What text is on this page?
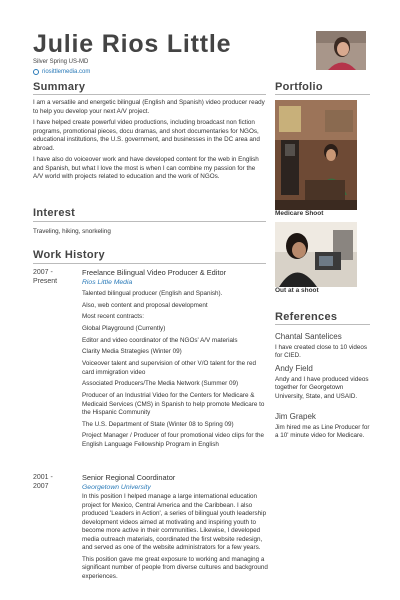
Julie Rios Little
Silver Spring US-MD
riosittlemedia.com
Summary

I am a versatile and energetic bilingual (English and Spanish) video producer ready to help you develop your next A/V project.

I have helped create powerful video productions, including broadcast non fiction programs, promotional pieces, docu dramas, and short documentaries for NGOs, educational institutions, the U.S. government, and businesses in the DC area and abroad.

I have also do voiceover work and have developed content for the web in English and Spanish, but what I love the most is when I can combine my passion for the A/V world with projects related to education and the work of NGOs.

Interest
Traveling, hiking, snorkeling
Work History
2007 -
Present
Freelance Bilingual Video Producer & Editor
Rios Little Media

Talented bilingual producer (English and Spanish).

Also, web content and proposal development

Most recent contracts:

Global Playground (Currently)

Editor and video coordinator of the NGOs' A/V materials

Clarity Media Strategies (Winter 09)

Voiceover talent and supervision of other V/O talent for the red card immigration video

Associated Producers/The Media Network (Summer 09)

Producer of an Industrial Video for the Centers for Medicare & Medicaid Services (CMS) in Spanish to help promote Medicare to the Hispanic Community

The U.S. Department of State (Winter 08 to Spring 09)

Project Manager / Producer of four promotional video clips for the English Language Fellowship Program in English

2001 -
2007
Senior Regional Coordinator
Georgetown University

In this position I helped manage a large international education project for Mexico, Central America and the Caribbean. I also produced 'Leaders in Action', a series of bilingual youth leadership development videos aimed at motivating and inspiring youth to become more active in their communities. Likewise, I developed media outreach materials, coordinated the first website redesign, and served as one of the website administrators for a few years.

This position gave me great exposure to working and managing a significant number of people from diverse cultures and background experiences.

Portfolio
Medicare Shoot
Out at a shoot
References
Chantal Santelices
I have created close to 10 videos for CIED.
Andy Field
Andy and I have produced videos together for Georgetown University, State, and USAID.
Jim Grapek
Jim hired me as Line Producer for a 10' minute video for Medicare.
